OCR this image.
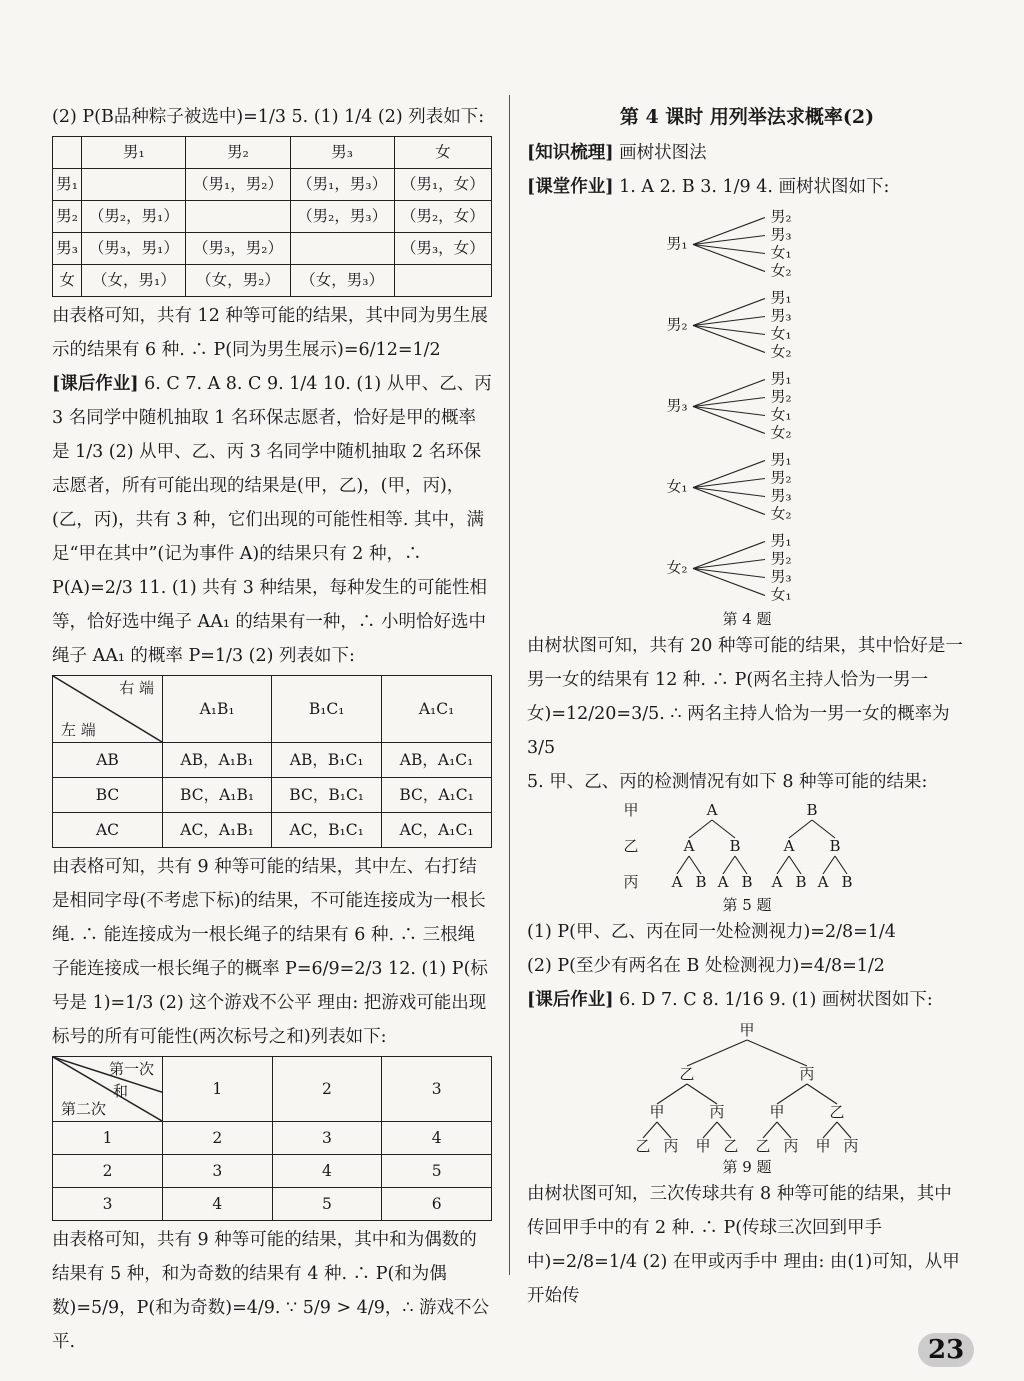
(2) P(B品种粽子被选中)=1/3 5. (1) 1/4 (2) 列表如下:

	男₁	男₂	男₃	女
男₁		（男₁，男₂）	（男₁，男₃）	（男₁，女）
男₂	（男₂，男₁）		（男₂，男₃）	（男₂，女）
男₃	（男₃，男₁）	（男₃，男₂）		（男₃，女）
女	（女，男₁）	（女，男₂）	（女，男₃）	

由表格可知，共有 12 种等可能的结果，其中同为男生展示的结果有 6 种. ∴ P(同为男生展示)=6/12=1/2

[课后作业] 6. C 7. A 8. C 9. 1/4 10. (1) 从甲、乙、丙 3 名同学中随机抽取 1 名环保志愿者，恰好是甲的概率是 1/3 (2) 从甲、乙、丙 3 名同学中随机抽取 2 名环保志愿者，所有可能出现的结果是(甲，乙)，(甲，丙)，(乙，丙)，共有 3 种，它们出现的可能性相等. 其中，满足“甲在其中”(记为事件 A)的结果只有 2 种，∴ P(A)=2/3 11. (1) 共有 3 种结果，每种发生的可能性相等，恰好选中绳子 AA₁ 的结果有一种，∴ 小明恰好选中绳子 AA₁ 的概率 P=1/3 (2) 列表如下:

右 端
左 端	A₁B₁	B₁C₁	A₁C₁
AB	AB，A₁B₁	AB，B₁C₁	AB，A₁C₁
BC	BC，A₁B₁	BC，B₁C₁	BC，A₁C₁
AC	AC，A₁B₁	AC，B₁C₁	AC，A₁C₁

由表格可知，共有 9 种等可能的结果，其中左、右打结是相同字母(不考虑下标)的结果，不可能连接成为一根长绳. ∴ 能连接成为一根长绳子的结果有 6 种. ∴ 三根绳子能连接成一根长绳子的概率 P=6/9=2/3 12. (1) P(标号是 1)=1/3 (2) 这个游戏不公平 理由: 把游戏可能出现标号的所有可能性(两次标号之和)列表如下:

第一次
和
第二次	1	2	3
1	2	3	4
2	3	4	5
3	4	5	6

由表格可知，共有 9 种等可能的结果，其中和为偶数的结果有 5 种，和为奇数的结果有 4 种. ∴ P(和为偶数)=5/9，P(和为奇数)=4/9. ∵ 5/9 > 4/9，∴ 游戏不公平.

第 4 课时 用列举法求概率(2)

[知识梳理] 画树状图法

[课堂作业] 1. A 2. B 3. 1/9 4. 画树状图如下:

男₁
男₂
男₃
女₁
女₂
男₂
男₁
男₃
女₁
女₂
男₃
男₁
男₂
女₁
女₂
女₁
男₁
男₂
男₃
女₂
女₂
男₁
男₂
男₃
女₁

第 4 题

由树状图可知，共有 20 种等可能的结果，其中恰好是一男一女的结果有 12 种. ∴ P(两名主持人恰为一男一女)=12/20=3/5. ∴ 两名主持人恰为一男一女的概率为 3/5

5. 甲、乙、丙的检测情况有如下 8 种等可能的结果:

甲
乙
丙
A	B
A B	A B
A B A B A B A B

第 5 题

(1) P(甲、乙、丙在同一处检测视力)=2/8=1/4

(2) P(至少有两名在 B 处检测视力)=4/8=1/2

[课后作业] 6. D 7. C 8. 1/16 9. (1) 画树状图如下:

甲
乙	丙
甲	丙	甲	乙
乙 丙 甲 乙 乙 丙 甲 丙

第 9 题

由树状图可知，三次传球共有 8 种等可能的结果，其中传回甲手中的有 2 种. ∴ P(传球三次回到甲手中)=2/8=1/4 (2) 在甲或丙手中 理由: 由(1)可知，从甲开始传

23
